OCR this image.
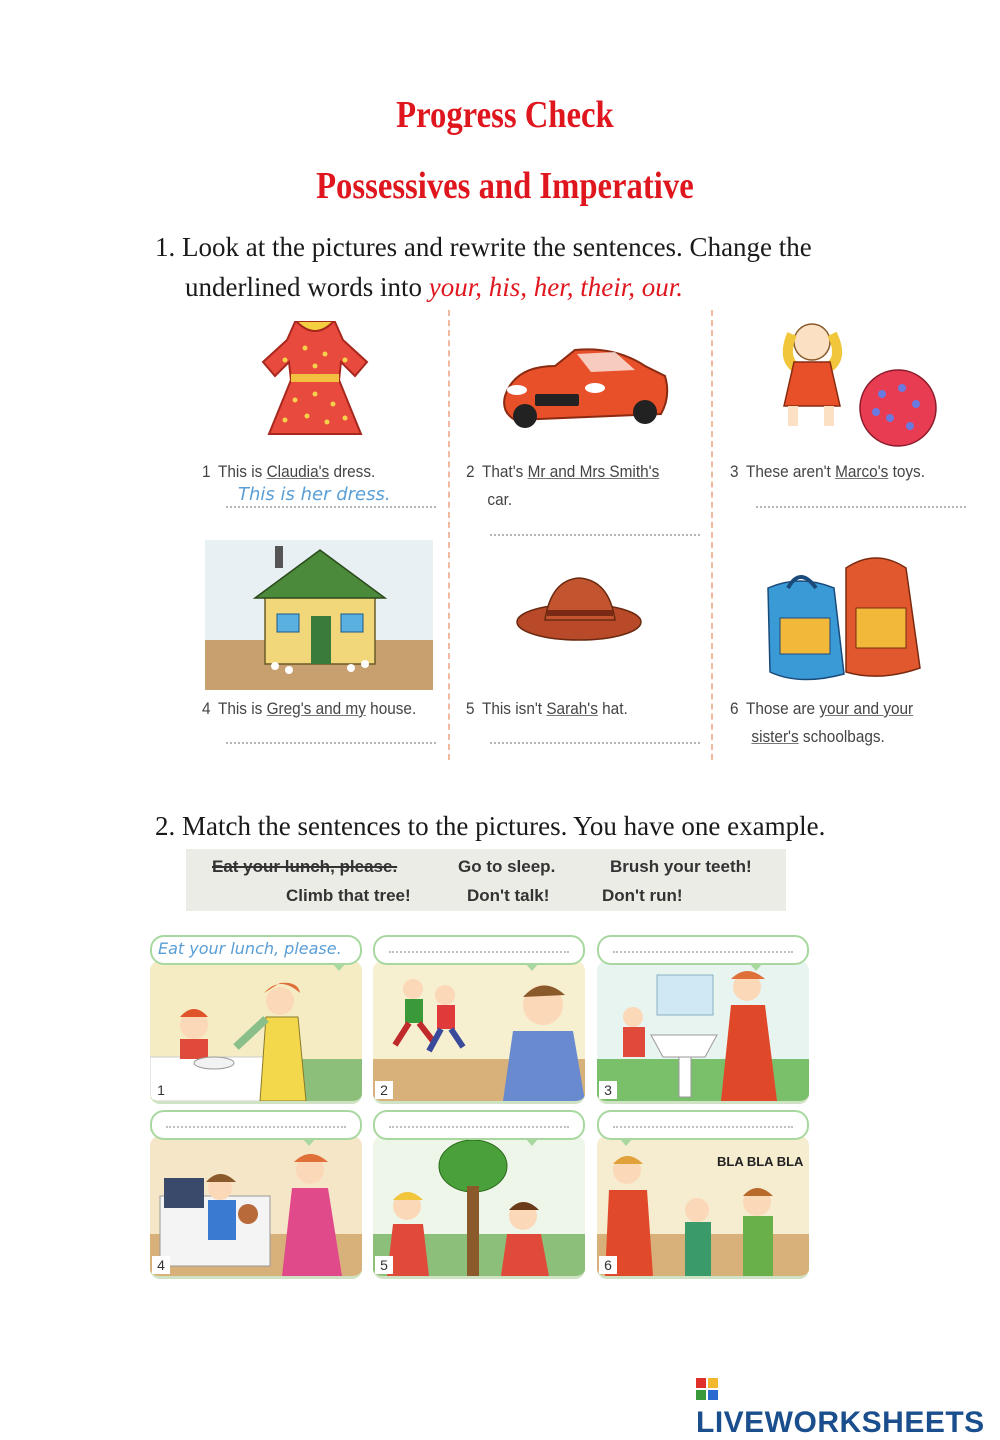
Progress Check
Possessives and Imperative
1. Look at the pictures and rewrite the sentences. Change the
underlined words into your, his, her, their, our.
1 This is Claudia's dress.
This is her dress.
2 That's Mr and Mrs Smith's
car.
3 These aren't Marco's toys.
4 This is Greg's and my house.	5 This isn't Sarah's hat.	6 Those are your and your
sister's schoolbags.
2. Match the sentences to the pictures. You have one example.
Eat your lunch, please.	Go to sleep.	Brush your teeth!
Climb that tree!	Don't talk!	Don't run!
Eat your lunch, please.
1	2	3
4	5
BLA BLA BLA
6
LIVEWORKSHEETS
